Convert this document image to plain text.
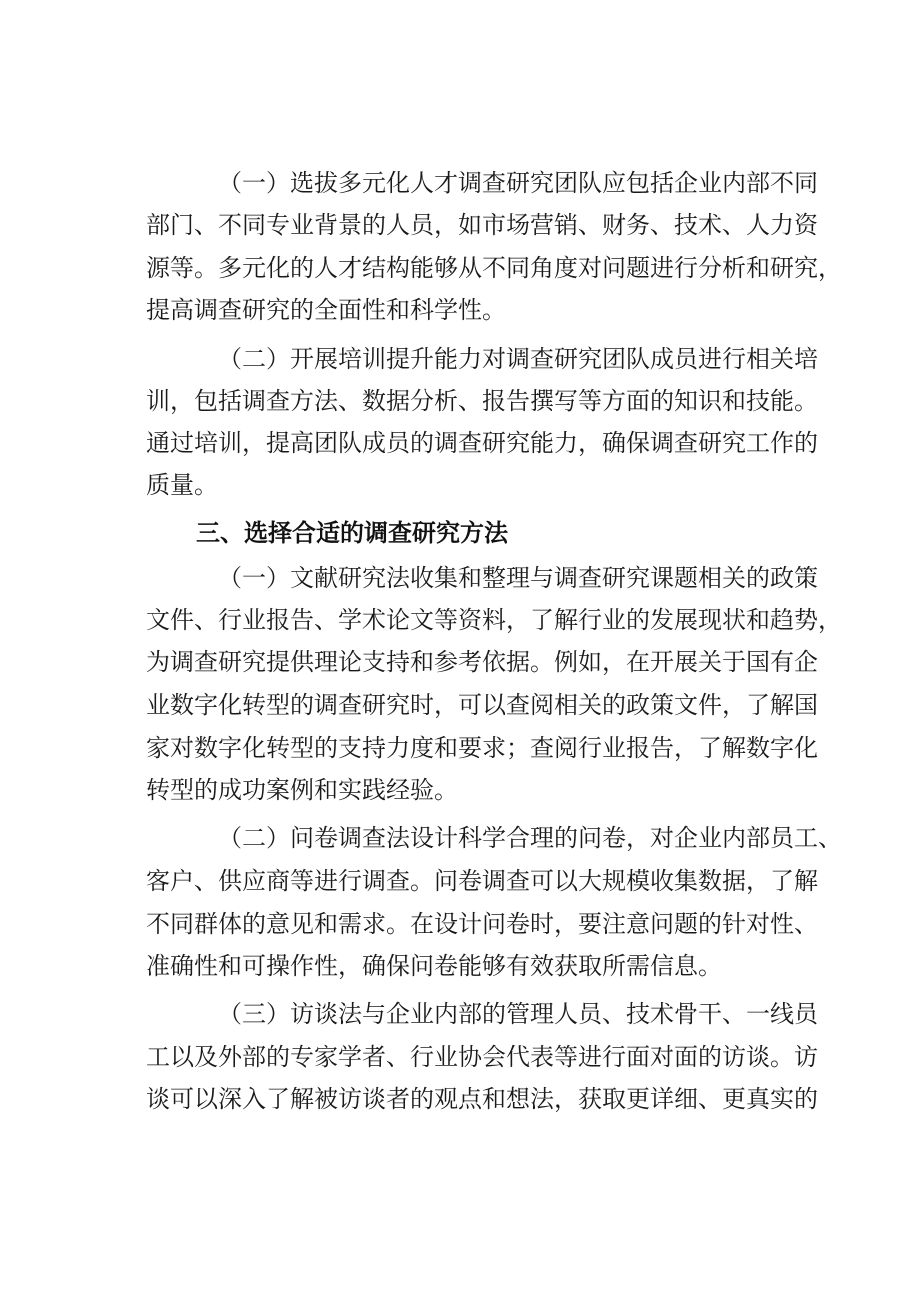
（一）选拔多元化人才调查研究团队应包括企业内部不同
部门、不同专业背景的人员，如市场营销、财务、技术、人力资
源等。多元化的人才结构能够从不同角度对问题进行分析和研究，
提高调查研究的全面性和科学性。
（二）开展培训提升能力对调查研究团队成员进行相关培
训，包括调查方法、数据分析、报告撰写等方面的知识和技能。
通过培训，提高团队成员的调查研究能力，确保调查研究工作的
质量。
三、选择合适的调查研究方法
（一）文献研究法收集和整理与调查研究课题相关的政策
文件、行业报告、学术论文等资料，了解行业的发展现状和趋势，
为调查研究提供理论支持和参考依据。例如，在开展关于国有企
业数字化转型的调查研究时，可以查阅相关的政策文件，了解国
家对数字化转型的支持力度和要求；查阅行业报告，了解数字化
转型的成功案例和实践经验。
（二）问卷调查法设计科学合理的问卷，对企业内部员工、
客户、供应商等进行调查。问卷调查可以大规模收集数据，了解
不同群体的意见和需求。在设计问卷时，要注意问题的针对性、
准确性和可操作性，确保问卷能够有效获取所需信息。
（三）访谈法与企业内部的管理人员、技术骨干、一线员
工以及外部的专家学者、行业协会代表等进行面对面的访谈。访
谈可以深入了解被访谈者的观点和想法，获取更详细、更真实的
